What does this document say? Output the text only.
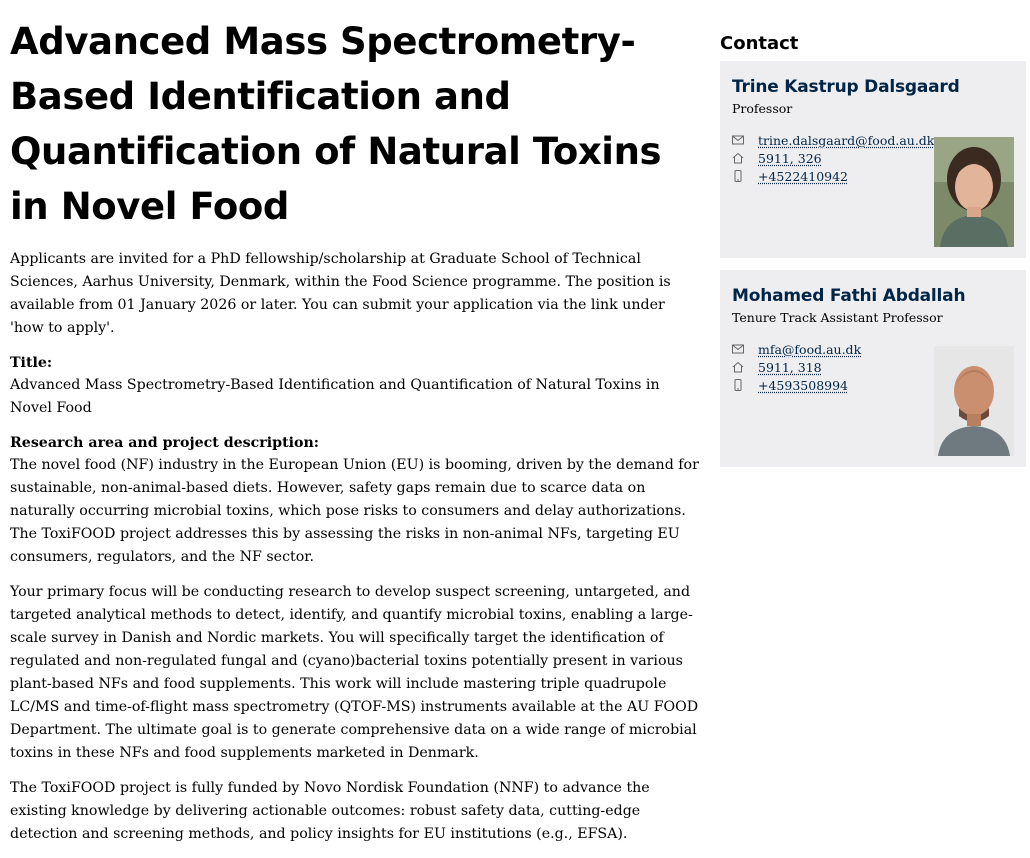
Advanced Mass Spectrometry-Based Identification and Quantification of Natural Toxins in Novel Food

Applicants are invited for a PhD fellowship/scholarship at Graduate School of Technical Sciences, Aarhus University, Denmark, within the Food Science programme. The position is available from 01 January 2026 or later. You can submit your application via the link under 'how to apply'.

Title:
Advanced Mass Spectrometry-Based Identification and Quantification of Natural Toxins in Novel Food

Research area and project description:
The novel food (NF) industry in the European Union (EU) is booming, driven by the demand for sustainable, non-animal-based diets. However, safety gaps remain due to scarce data on naturally occurring microbial toxins, which pose risks to consumers and delay authorizations. The ToxiFOOD project addresses this by assessing the risks in non-animal NFs, targeting EU consumers, regulators, and the NF sector.

Your primary focus will be conducting research to develop suspect screening, untargeted, and targeted analytical methods to detect, identify, and quantify microbial toxins, enabling a large-scale survey in Danish and Nordic markets. You will specifically target the identification of regulated and non-regulated fungal and (cyano)bacterial toxins potentially present in various plant-based NFs and food supplements. This work will include mastering triple quadrupole LC/MS and time-of-flight mass spectrometry (QTOF-MS) instruments available at the AU FOOD Department. The ultimate goal is to generate comprehensive data on a wide range of microbial toxins in these NFs and food supplements marketed in Denmark.

The ToxiFOOD project is fully funded by Novo Nordisk Foundation (NNF) to advance the existing knowledge by delivering actionable outcomes: robust safety data, cutting-edge detection and screening methods, and policy insights for EU institutions (e.g., EFSA).

Contact
Trine Kastrup Dalsgaard
Professor
trine.dalsgaard@food.au.dk
5911, 326
+4522410942
Mohamed Fathi Abdallah
Tenure Track Assistant Professor
mfa@food.au.dk
5911, 318
+4593508994
